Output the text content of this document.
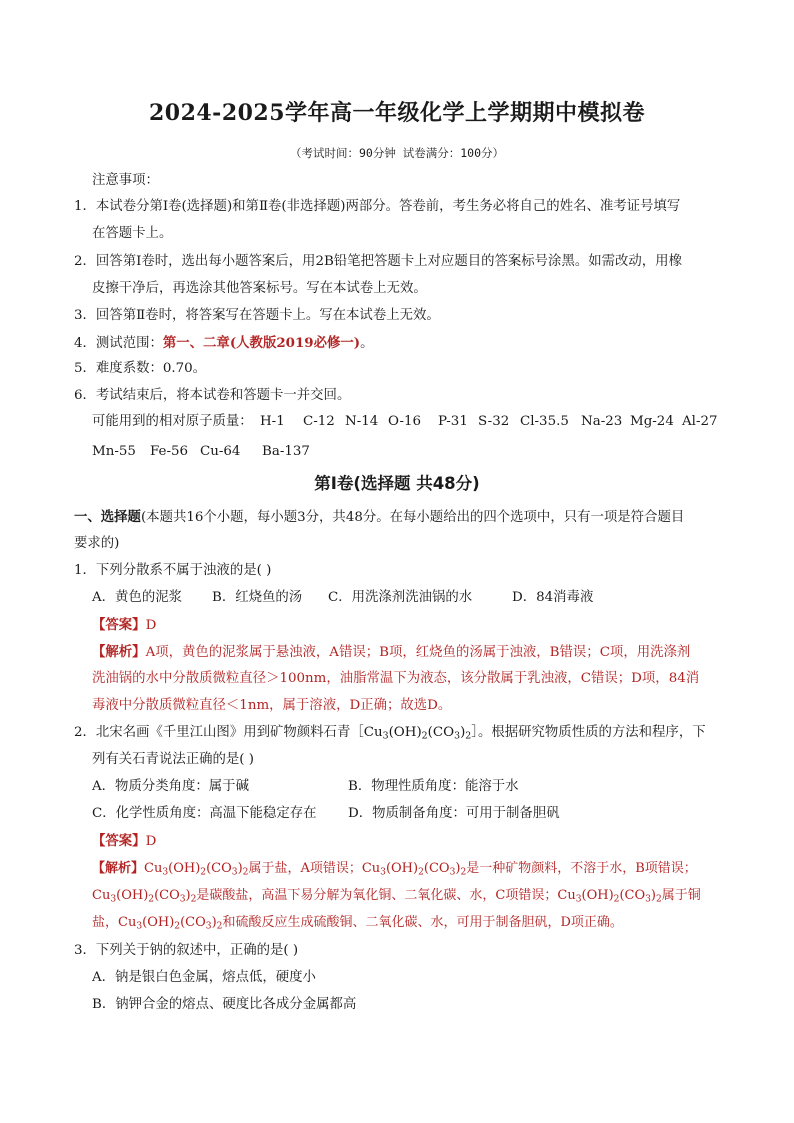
2024-2025学年高一年级化学上学期期中模拟卷
（考试时间：90分钟 试卷满分：100分）
注意事项：
1．本试卷分第Ⅰ卷(选择题)和第Ⅱ卷(非选择题)两部分。答卷前，考生务必将自己的姓名、准考证号填写
在答题卡上。
2．回答第Ⅰ卷时，选出每小题答案后，用2B铅笔把答题卡上对应题目的答案标号涂黑。如需改动，用橡
皮擦干净后，再选涂其他答案标号。写在本试卷上无效。
3．回答第Ⅱ卷时，将答案写在答题卡上。写在本试卷上无效。
4．测试范围：第一、二章(人教版2019必修一)。
5．难度系数：0.70。
6．考试结束后，将本试卷和答题卡一并交回。
可能用到的相对原子质量： H-1 C-12 N-14 O-16 P-31 S-32 Cl-35.5 Na-23 Mg-24 Al-27
Mn-55 Fe-56 Cu-64 Ba-137
第Ⅰ卷(选择题 共48分)
一、选择题(本题共16个小题，每小题3分，共48分。在每小题给出的四个选项中，只有一项是符合题目
要求的)
1．下列分散系不属于浊液的是( )
A．黄色的泥浆 B．红烧鱼的汤 C．用洗涤剂洗油锅的水	D．84消毒液
【答案】D
【解析】A项，黄色的泥浆属于悬浊液，A错误；B项，红烧鱼的汤属于浊液，B错误；C项，用洗涤剂
洗油锅的水中分散质微粒直径＞100nm，油脂常温下为液态，该分散属于乳浊液，C错误；D项，84消
毒液中分散质微粒直径＜1nm，属于溶液，D正确；故选D。
2．北宋名画《千里江山图》用到矿物颜料石青$[Cu_3(OH)_2(CO_3)_2]$。根据研究物质性质的方法和程序，下
列有关石青说法正确的是( )
A．物质分类角度：属于碱	B．物理性质角度：能溶于水
C．化学性质角度：高温下能稳定存在 D．物质制备角度：可用于制备胆矾
【答案】D
【解析】$Cu_3(OH)_2(CO_3)_2$属于盐，A项错误；$Cu_3(OH)_2(CO_3)_2$是一种矿物颜料，不溶于水，B项错误；
$Cu_3(OH)_2(CO_3)_2$是碳酸盐，高温下易分解为氧化铜、二氧化碳、水，C项错误；$Cu_3(OH)_2(CO_3)_2$属于铜
盐，$Cu_3(OH)_2(CO_3)_2$和硫酸反应生成硫酸铜、二氧化碳、水，可用于制备胆矾，D项正确。
3．下列关于钠的叙述中，正确的是( )
A．钠是银白色金属，熔点低，硬度小
B．钠钾合金的熔点、硬度比各成分金属都高
